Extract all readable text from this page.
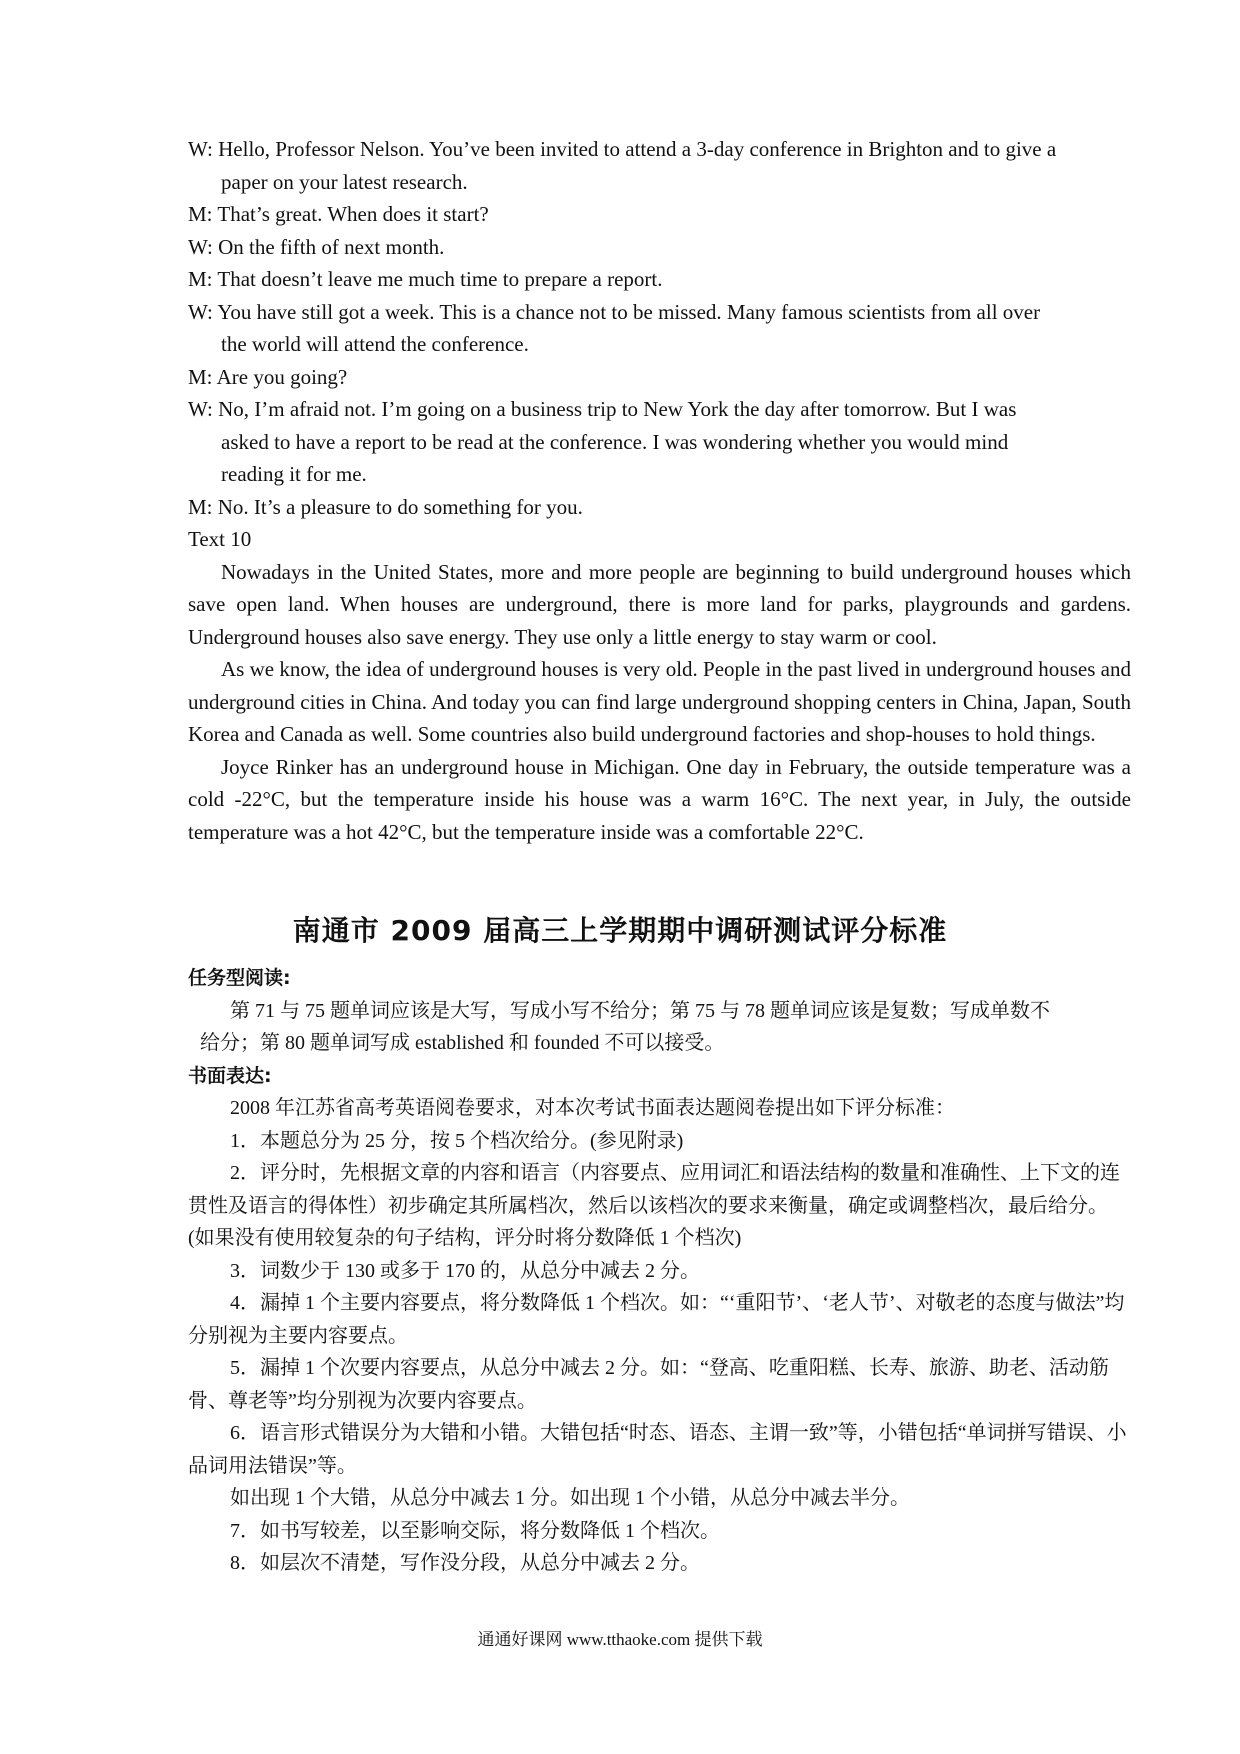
W: Hello, Professor Nelson. You’ve been invited to attend a 3-day conference in Brighton and to give a paper on your latest research.

M: That’s great. When does it start?

W: On the fifth of next month.

M: That doesn’t leave me much time to prepare a report.

W: You have still got a week. This is a chance not to be missed. Many famous scientists from all over the world will attend the conference.

M: Are you going?

W: No, I’m afraid not. I’m going on a business trip to New York the day after tomorrow. But I was asked to have a report to be read at the conference. I was wondering whether you would mind reading it for me.

M: No. It’s a pleasure to do something for you.

Text 10

Nowadays in the United States, more and more people are beginning to build underground houses which save open land. When houses are underground, there is more land for parks, playgrounds and gardens. Underground houses also save energy. They use only a little energy to stay warm or cool.

As we know, the idea of underground houses is very old. People in the past lived in underground houses and underground cities in China. And today you can find large underground shopping centers in China, Japan, South Korea and Canada as well. Some countries also build underground factories and shop-houses to hold things.

Joyce Rinker has an underground house in Michigan. One day in February, the outside temperature was a cold -22°C, but the temperature inside his house was a warm 16°C. The next year, in July, the outside temperature was a hot 42°C, but the temperature inside was a comfortable 22°C.

南通市 2009 届高三上学期期中调研测试评分标准
任务型阅读:

第 71 与 75 题单词应该是大写，写成小写不给分；第 75 与 78 题单词应该是复数；写成单数不

给分；第 80 题单词写成 established 和 founded 不可以接受。

书面表达:

2008 年江苏省高考英语阅卷要求，对本次考试书面表达题阅卷提出如下评分标准：

1．本题总分为 25 分，按 5 个档次给分。(参见附录)

2．评分时，先根据文章的内容和语言（内容要点、应用词汇和语法结构的数量和准确性、上下文的连贯性及语言的得体性）初步确定其所属档次，然后以该档次的要求来衡量，确定或调整档次，最后给分。(如果没有使用较复杂的句子结构，评分时将分数降低 1 个档次)

3．词数少于 130 或多于 170 的，从总分中减去 2 分。

4．漏掉 1 个主要内容要点，将分数降低 1 个档次。如：“‘重阳节’、‘老人节’、对敬老的态度与做法”均分别视为主要内容要点。

5．漏掉 1 个次要内容要点，从总分中减去 2 分。如：“登高、吃重阳糕、长寿、旅游、助老、活动筋骨、尊老等”均分别视为次要内容要点。

6．语言形式错误分为大错和小错。大错包括“时态、语态、主谓一致”等，小错包括“单词拼写错误、小品词用法错误”等。

如出现 1 个大错，从总分中减去 1 分。如出现 1 个小错，从总分中减去半分。

7．如书写较差，以至影响交际，将分数降低 1 个档次。

8．如层次不清楚，写作没分段，从总分中减去 2 分。

通通好课网 www.tthaoke.com 提供下载
